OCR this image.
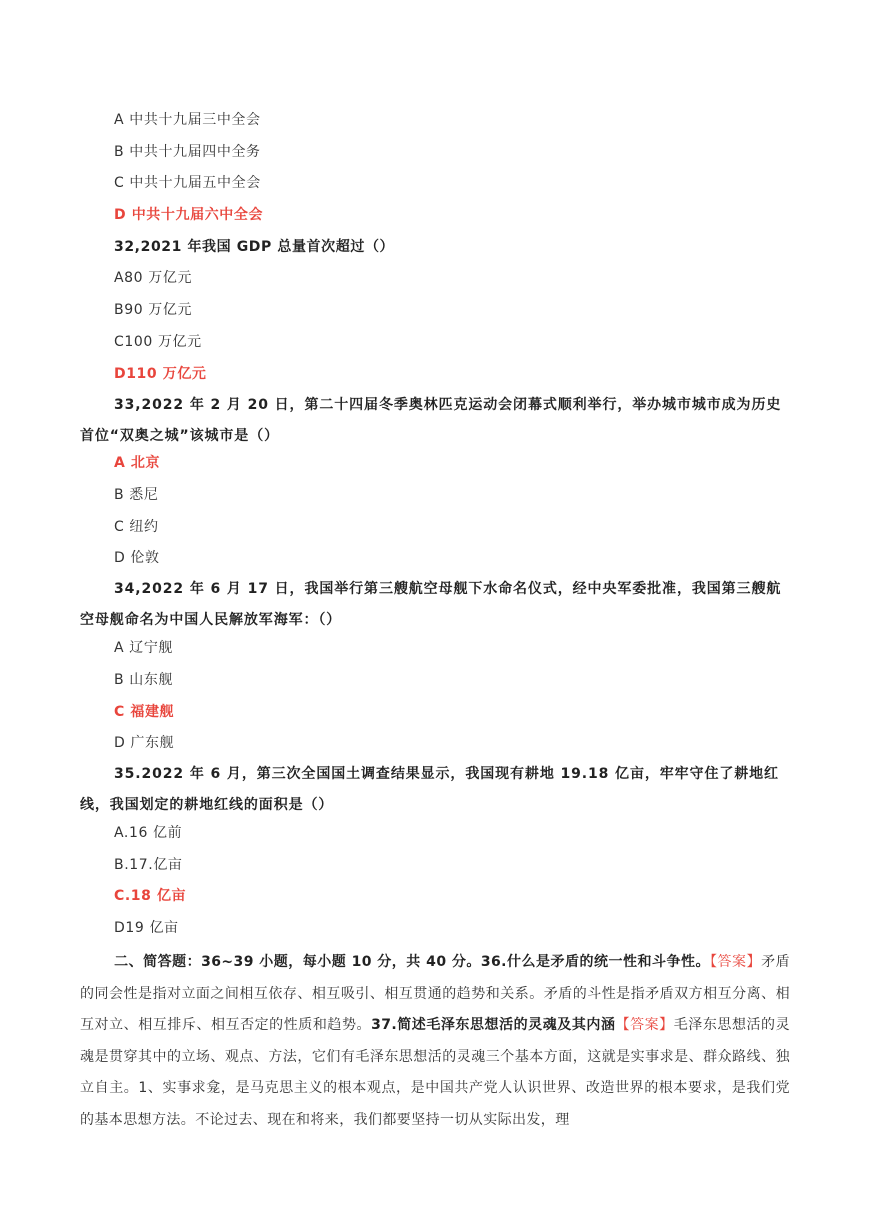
A 中共十九届三中全会
B 中共十九届四中全务
C 中共十九届五中全会
D 中共十九届六中全会
32,2021 年我国 GDP 总量首次超过（）
A80 万亿元
B90 万亿元
C100 万亿元
D110 万亿元
33,2022 年 2 月 20 日，第二十四届冬季奥林匹克运动会闭幕式顺利举行，举办城市城市成为历史首位“双奥之城”该城市是（）
A 北京
B 悉尼
C 纽约
D 伦敦
34,2022 年 6 月 17 日，我国举行第三艘航空母舰下水命名仪式，经中央军委批准，我国第三艘航空母舰命名为中国人民解放军海军：（）
A 辽宁舰
B 山东舰
C 福建舰
D 广东舰
35.2022 年 6 月，第三次全国国土调查结果显示，我国现有耕地 19.18 亿亩，牢牢守住了耕地红线，我国划定的耕地红线的面积是（）
A.16 亿前
B.17.亿亩
C.18 亿亩
D19 亿亩
二、简答题：36~39 小题，每小题 10 分，共 40 分。36.什么是矛盾的统一性和斗争性。【答案】矛盾的同会性是指对立面之间相互依存、相互吸引、相互贯通的趋势和关系。矛盾的斗性是指矛盾双方相互分离、相互对立、相互排斥、相互否定的性质和趋势。37.简述毛泽东思想活的灵魂及其内涵【答案】毛泽东思想活的灵魂是贯穿其中的立场、观点、方法，它们有毛泽东思想活的灵魂三个基本方面，这就是实事求是、群众路线、独立自主。1、实事求龛，是马克思主义的根本观点，是中国共产党人认识世界、改造世界的根本要求，是我们党的基本思想方法。不论过去、现在和将来，我们都要坚持一切从实际出发，理
